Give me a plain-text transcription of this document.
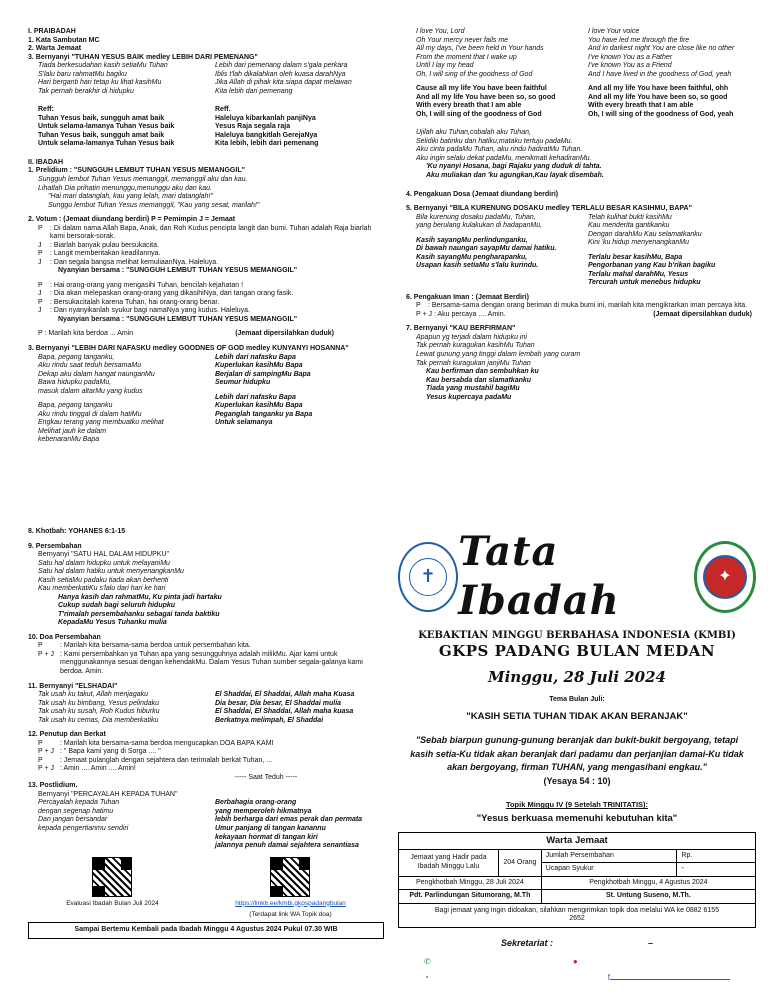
I. PRAIBADAH
1. Kata Sambutan MC
2. Warta Jemaat
3. Bernyanyi "TUHAN YESUS BAIK medley LEBIH DARI PEMENANG"
Tiada berkesudahan kasih setiaMu Tuhan
S'lalu baru rahmatMu bagiku
Hari berganti hari tetap ku lihat kasihMu
Tak pernah berakhir di hidupku
Lebih dari pemenang dalam s'gala perkara
Iblis t'lah dikalahkan oleh kuasa darahNya
Jika Allah di pihak kita siapa dapat melawan
Kita lebih dari pemenang
Reff:
Tuhan Yesus baik, sungguh amat baik
Untuk selama-lamanya Tuhan Yesus baik
Tuhan Yesus baik, sungguh amat baik
Untuk selama-lamanya Tuhan Yesus baik
Reff.
Haleluya kibarkanlah panjiNya
Yesus Raja segala raja
Haleluya bangkitlah GerejaNya
Kita lebih, lebih dari pemenang
II. IBADAH
1. Prelidium : "SUNGGUH LEMBUT TUHAN YESUS MEMANGGIL"
Sungguh lembut Tuhan Yesus memanggil, memanggil aku dan kau.
Lihatlah Dia prihatin menunggu,menunggu aku dan kau.
"Hai mari datanglah, kau yang lelah, mari datanglah!"
Sunggu lembut Tuhan Yesus memanggil, "Kau yang sesat, marilah!"
2. Votum : (Jemaat diundang berdiri) P = Pemimpin J = Jemaat
P	: Di dalam nama Allah Bapa, Anak, dan Roh Kudus pencipta langit dan bumi. Tuhan adalah Raja biarlah kami bersorak-sorak.
J	: Biarlah banyak pulau bersukacita.
P	: Langit memberitakan keadilannya.
J	: Dan segala bangsa melihat kemuliaanNya. Haleluya.
Nyanyian bersama : "SUNGGUH LEMBUT TUHAN YESUS MEMANGGIL"
P	: Hai orang-orang yang mengasihi Tuhan, bencilah kejahatan !
J	: Dia akan melepaskan orang-orang yang dikasihiNya, dari tangan orang fasik.
P	: Bersukacitalah karena Tuhan, hai orang-orang benar.
J	: Dan nyanyikanlah syukur bagi namaNya yang kudus. Haleluya.
Nyanyian bersama : "SUNGGUH LEMBUT TUHAN YESUS MEMANGGIL"
P : Marilah kita berdoa ... Amin	(Jemaat dipersilahkan duduk)
3. Bernyanyi "LEBIH DARI NAFASKU medley GOODNES OF GOD medley KUNYANYI HOSANNA"
Bapa, pegang tanganku,
Aku rindu saat teduh bersamaMu
Dekap aku dalam hangat naunganMu
Bawa hidupku padaMu,
masuk dalam altarMu yang kudus
Bapa, pegang tanganku
Aku rindu tinggal di dalam hatiMu
Engkau terang yang membuatku melihat
Melihat jauh ke dalam
kebenaranMu Bapa
Lebih dari nafasku Bapa
Kuperlukan kasihMu Bapa
Berjalan di sampingMu Bapa
Seumur hidupku
Lebih dari nafasku Bapa
Kuperlukan kasihMu Bapa
Peganglah tanganku ya Bapa
Untuk selamanya
I love You, Lord
Oh Your mercy never fails me
All my days, I've been held in Your hands
From the moment that I wake up
Until I lay my head
Oh, I will sing of the goodness of God
I love Your voice
You have led me through the fire
And in darkest night You are close like no other
I've known You as a Father
I've known You as a Friend
And I have lived in the goodness of God, yeah
Cause all my life You have been faithful
And all my life You have been so, so good
With every breath that I am able
Oh, I will sing of the goodness of God
And all my life You have been faithful, ohh
And all my life You have been so, so good
With every breath that I am able
Oh, I will sing of the goodness of God, yeah
Ujilah aku Tuhan,cobalah aku Tuhan,
Selidiki batinku dan hatiku,mataku tertuju padaMu.
Aku cinta padaMu Tuhan, aku rindu hadiratMu Tuhan.
Aku ingin selalu dekat padaMu, menikmati kehadiranMu.
'Ku nyanyi Hosana, bagi Rajaku yang duduk di tahta.
Aku muliakan dan 'ku agungkan,Kau layak disembah.
4. Pengakuan Dosa (Jemaat diundang berdiri)
5. Bernyanyi "BILA KURENUNG DOSAKU medley TERLALU BESAR KASIHMU, BAPA"
Bila kurenung dosaku padaMu, Tuhan,
yang berulang kulakukan di hadapanMu,
Kasih sayangMu perlindunganku,
Di bawah naungan sayapMu damai hatiku.
Kasih sayangMu pengharapanku,
Usapan kasih setiaMu s'lalu kurindu.
Telah kulihat bukti kasihMu
Kau menderita gantikanku
Dengan darahMu Kau selamatkanku
Kini 'ku hidup menyenangkanMu
Terlalu besar kasihMu, Bapa
Pengorbanan yang Kau b'rikan bagiku
Terlalu mahal darahMu, Yesus
Tercurah untuk menebus hidupku
6. Pengakuan Iman : (Jemaat Berdiri)
P	: Bersama-sama dengan orang beriman di muka bumi ini, marilah kita mengikrarkan iman percaya kita.
P + J : Aku percaya .... Amin.	(Jemaat dipersilahkan duduk)
7. Bernyanyi "KAU BERFIRMAN"
Apapun yg terjadi dalam hidupku ini
Tak pernah kuragukan kasihMu Tuhan
Lewat gunung yang tinggi dalam lembah yang curam
Tak pernah kuragukan janjiMu Tuhan
Kau berfirman dan sembuhkan ku
Kau bersabda dan slamatkanku
Tiada yang mustahil bagiMu
Yesus kupercaya padaMu
8. Khotbah: YOHANES 6:1-15
9. Persembahan
Bernyanyi "SATU HAL DALAM HIDUPKU"
Satu hal dalam hidupku untuk melayaniMu
Satu hal dalam hatiku untuk menyenangkanMu
Kasih setiaMu padaku tiada akan berhenti
Kau memberkatiKu s'lalu dari hari ke hari
Hanya kasih dan rahmatMu, Ku pinta jadi hartaku
Cukup sudah bagi seluruh hidupku
T'rimalah persembahanku sebagai tanda baktiku
KepadaMu Yesus Tuhanku mulia
10. Doa Persembahan
P	: Marilah kita bersama-sama berdoa untuk persembahan kita.
P + J : Kami persembahkan ya Tuhan apa yang sesungguhnya adalah milikMu. Ajar kami untuk menggunakannya sesuai dengan kehendakMu. Dalam Yesus Tuhan sumber segala-galanya kami berdoa. Amin.
11. Bernyanyi "ELSHADAI"
Tak usah ku takut, Allah menjagaku
Tak usah ku bimbang, Yesus pelindaku
Tak usah ku susah, Roh Kudus hiburku
Tak usah ku cemas, Dia memberkatiku
El Shaddai, El Shaddai, Allah maha Kuasa
Dia besar, Dia besar, El Shaddai mulia
El Shaddai, El Shaddai, Allah maha kuasa
Berkatnya melimpah, El Shaddai
12. Penutup dan Berkat
P	: Marilah kita bersama-sama berdoa mengucapkan DOA BAPA KAMI
P + J : " Bapa kami yang di Sorga .... "
P	: Jemaat pulanglah dengan sejahtera dan terimalah berkat Tuhan, ...
P + J : Amin .... Amin .... Amin!
----- Saat Teduh -----
13. Postlidium.
Bernyanyi "PERCAYALAH KEPADA TUHAN"
Percayalah kepada Tuhan
dengan segenap hatimu
Dan jangan bersandar
kepada pengertianmu sendiri
Berbahagia orang-orang
yang memperoleh hikmatnya
lebih berharga dari emas perak dan permata
Umur panjang di tangan kanannu
kekayaan hormat di tangan kiri
jalannya penuh damai sejahtera senantiasa
Evaluasi Ibadah Bulan Juli 2024	https://linktr.ee/kmbi.gkpspadangbulan
(Terdapat link WA Topik doa)
Sampai Bertemu Kembali pada Ibadah Minggu 4 Agustus 2024 Pukul 07.30 WIB
✝
Tata Ibadah
✦
KEBAKTIAN MINGGU BERBAHASA INDONESIA (KMBI)
GKPS PADANG BULAN MEDAN
Minggu, 28 Juli 2024
Tema Bulan Juli:
"KASIH SETIA TUHAN TIDAK AKAN BERANJAK"
"Sebab biarpun gunung-gunung beranjak dan bukit-bukit bergoyang, tetapi
kasih setia-Ku tidak akan beranjak dari padamu dan perjanjian damai-Ku tidak
akan bergoyang, firman TUHAN, yang mengasihani engkau."
(Yesaya 54 : 10)
Topik Minggu IV (9 Setelah TRINITATIS):
"Yesus berkuasa memenuhi kebutuhan kita"
Warta Jemaat			
Jemaat yang Hadir pada Ibadah Minggu Lalu	204 Orang	Jumlah Persembahan	Rp.
		Ucapan Syukur	-
Pengkhotbah Minggu, 28 Juli 2024		Pengkhotbah Minggu, 4 Agustus 2024	
Pdt. Parlindungan Situmorang, M.Th		St. Untung Suseno, M.Th.	
Bagi jemaat yang ingin didoakan, silahkan mengirimkan topik doa melalui WA ke 0882 6155 2652			
Sekretariat :	–
✆	●
◔	f
